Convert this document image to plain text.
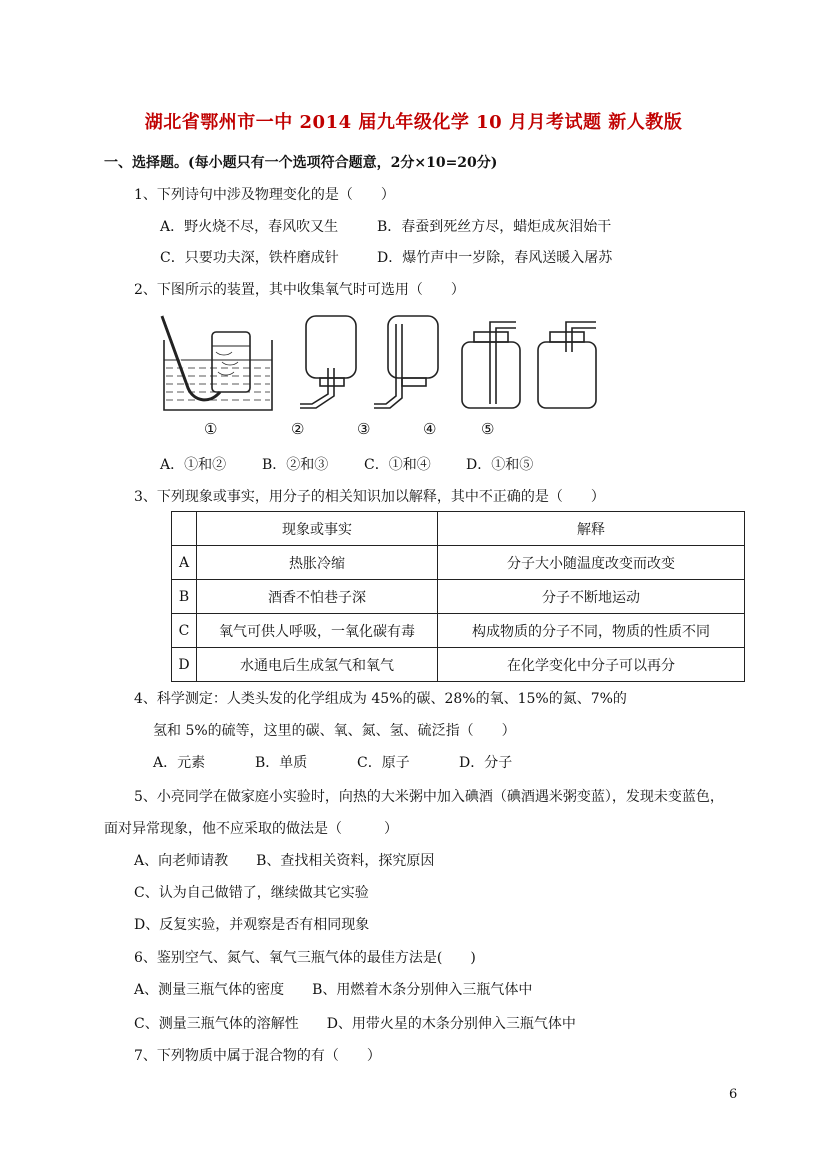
湖北省鄂州市一中 2014 届九年级化学 10 月月考试题 新人教版
一、选择题。(每小题只有一个选项符合题意，2分×10=20分)
1、下列诗句中涉及物理变化的是（　　）
A．野火烧不尽，春风吹又生	B．春蚕到死丝方尽，蜡炬成灰泪始干
C．只要功夫深，铁杵磨成针	D．爆竹声中一岁除，春风送暖入屠苏
2、下图所示的装置，其中收集氧气时可选用（　　）
①	②	③	④	⑤
A．①和②	B．②和③	C．①和④	D．①和⑤
3、下列现象或事实，用分子的相关知识加以解释，其中不正确的是（　　）
	现象或事实	解释
A	热胀冷缩	分子大小随温度改变而改变
B	酒香不怕巷子深	分子不断地运动
C	氧气可供人呼吸，一氧化碳有毒	构成物质的分子不同，物质的性质不同
D	水通电后生成氢气和氧气	在化学变化中分子可以再分
4、科学测定：人类头发的化学组成为 45%的碳、28%的氧、15%的氮、7%的
氢和 5%的硫等，这里的碳、氧、氮、氢、硫泛指（　　）
A．元素	B．单质	C．原子	D．分子
5、小亮同学在做家庭小实验时，向热的大米粥中加入碘酒（碘酒遇米粥变蓝），发现未变蓝色，
面对异常现象，他不应采取的做法是（　　　）
A、向老师请教　　B、查找相关资料，探究原因
C、认为自己做错了，继续做其它实验
D、反复实验，并观察是否有相同现象
6、鉴别空气、氮气、氧气三瓶气体的最佳方法是(　　)
A、测量三瓶气体的密度　　B、用燃着木条分别伸入三瓶气体中
C、测量三瓶气体的溶解性　　D、用带火星的木条分别伸入三瓶气体中
7、下列物质中属于混合物的有（　　）
6
